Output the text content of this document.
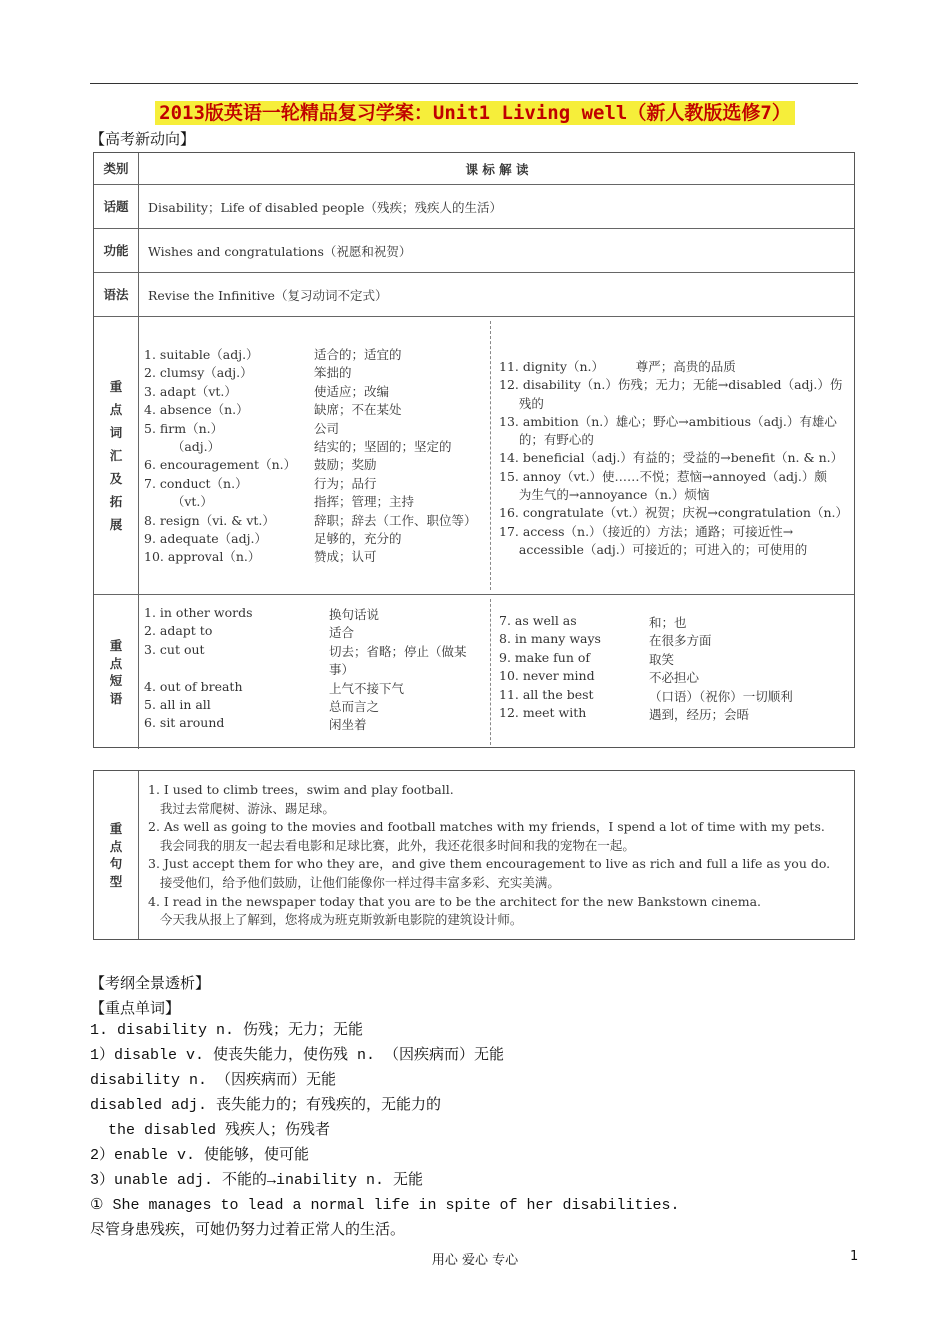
2013版英语一轮精品复习学案：Unit1 Living well（新人教版选修7）
【高考新动向】
类别	课 标 解 读
话题	Disability；Life of disabled people（残疾；残疾人的生活）
功能	Wishes and congratulations（祝愿和祝贺）
语法	Revise the Infinitive（复习动词不定式）
重
点
词
汇
及
拓
展
1. suitable（adj.）	适合的；适宜的
2. clumsy（adj.）	笨拙的
3. adapt（vt.）	使适应；改编
4. absence（n.）	缺席；不在某处
5. firm（n.）	公司
（adj.）	结实的；坚固的；坚定的
6. encouragement（n.） 鼓励；奖励
7. conduct（n.）	行为；品行
（vt.）	指挥；管理；主持
8. resign（vi. & vt.）	辞职；辞去（工作、职位等）
9. adequate（adj.）	足够的，充分的
10. approval（n.）	赞成；认可
11. dignity（n.）        尊严；高贵的品质
12. disability（n.）伤残；无力；无能→disabled（adj.）伤
残的
13. ambition（n.）雄心；野心→ambitious（adj.）有雄心
的；有野心的
14. beneficial（adj.）有益的；受益的→benefit（n. & n.）
15. annoy（vt.）使……不悦；惹恼→annoyed（adj.）颇
为生气的→annoyance（n.）烦恼
16. congratulate（vt.）祝贺；庆祝→congratulation（n.）
17. access（n.）（接近的）方法；通路；可接近性→
accessible（adj.）可接近的；可进入的；可使用的
重
点
短
语
1. in other words	换句话说
2. adapt to	适合
3. cut out	切去；省略；停止（做某
事）
4. out of breath	上气不接下气
5. all in all	总而言之
6. sit around	闲坐着
7. as well as	和；也
8. in many ways	在很多方面
9. make fun of	取笑
10. never mind	不必担心
11. all the best	（口语）（祝你）一切顺利
12. meet with	遇到，经历；会晤
重
点
句
型
1. I used to climb trees，swim and play football.
我过去常爬树、游泳、踢足球。
2. As well as going to the movies and football matches with my friends，I spend a lot of time with my pets.
我会同我的朋友一起去看电影和足球比赛，此外，我还花很多时间和我的宠物在一起。
3. Just accept them for who they are，and give them encouragement to live as rich and full a life as you do.
接受他们，给予他们鼓励，让他们能像你一样过得丰富多彩、充实美满。
4. I read in the newspaper today that you are to be the architect for the new Bankstown cinema.
今天我从报上了解到，您将成为班克斯敦新电影院的建筑设计师。
【考纲全景透析】
【重点单词】
1. disability n. 伤残；无力；无能
1）disable v. 使丧失能力，使伤残 n. （因疾病而）无能
disability n. （因疾病而）无能
disabled adj. 丧失能力的；有残疾的，无能力的
the disabled 残疾人；伤残者
2）enable v. 使能够，使可能
3）unable adj. 不能的→inability n. 无能
① She manages to lead a normal life in spite of her disabilities.
尽管身患残疾，可她仍努力过着正常人的生活。
用心 爱心 专心	1
